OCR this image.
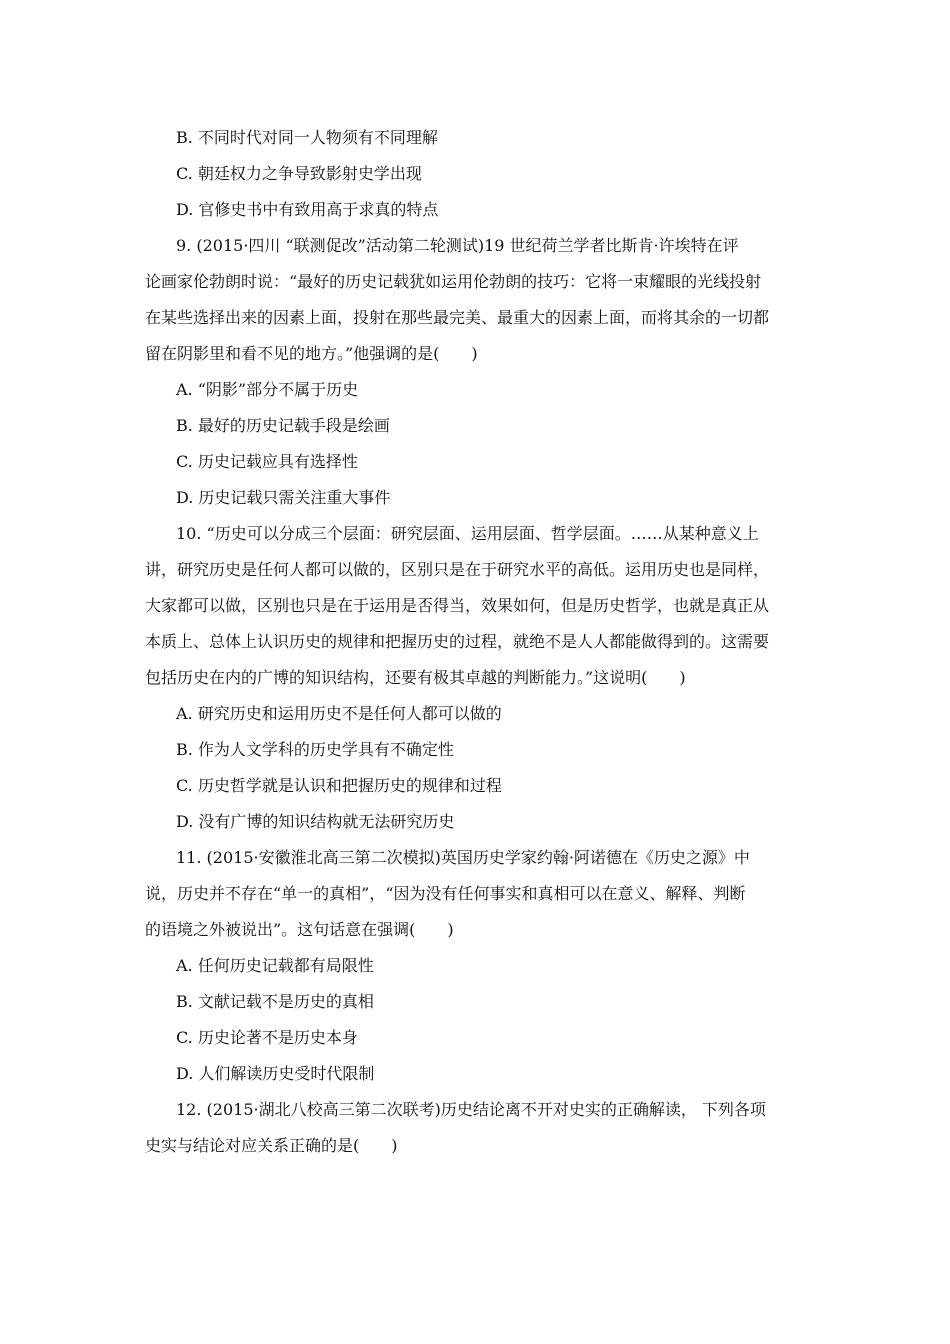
B. 不同时代对同一人物须有不同理解
C. 朝廷权力之争导致影射史学出现
D. 官修史书中有致用高于求真的特点
9. (2015·四川 “联测促改”活动第二轮测试)19 世纪荷兰学者比斯肯·许埃特在评
论画家伦勃朗时说：“最好的历史记载犹如运用伦勃朗的技巧：它将一束耀眼的光线投射
在某些选择出来的因素上面，投射在那些最完美、最重大的因素上面，而将其余的一切都
留在阴影里和看不见的地方。”他强调的是(　　)
A. “阴影”部分不属于历史
B. 最好的历史记载手段是绘画
C. 历史记载应具有选择性
D. 历史记载只需关注重大事件
10. “历史可以分成三个层面：研究层面、运用层面、哲学层面。……从某种意义上
讲，研究历史是任何人都可以做的，区别只是在于研究水平的高低。运用历史也是同样，
大家都可以做，区别也只是在于运用是否得当，效果如何，但是历史哲学，也就是真正从
本质上、总体上认识历史的规律和把握历史的过程，就绝不是人人都能做得到的。这需要
包括历史在内的广博的知识结构，还要有极其卓越的判断能力。”这说明(　　)
A. 研究历史和运用历史不是任何人都可以做的
B. 作为人文学科的历史学具有不确定性
C. 历史哲学就是认识和把握历史的规律和过程
D. 没有广博的知识结构就无法研究历史
11. (2015·安徽淮北高三第二次模拟)英国历史学家约翰·阿诺德在《历史之源》中
说，历史并不存在“单一的真相”，“因为没有任何事实和真相可以在意义、解释、判断
的语境之外被说出”。这句话意在强调(　　)
A. 任何历史记载都有局限性
B. 文献记载不是历史的真相
C. 历史论著不是历史本身
D. 人们解读历史受时代限制
12. (2015·湖北八校高三第二次联考)历史结论离不开对史实的正确解读， 下列各项
史实与结论对应关系正确的是(　　)
